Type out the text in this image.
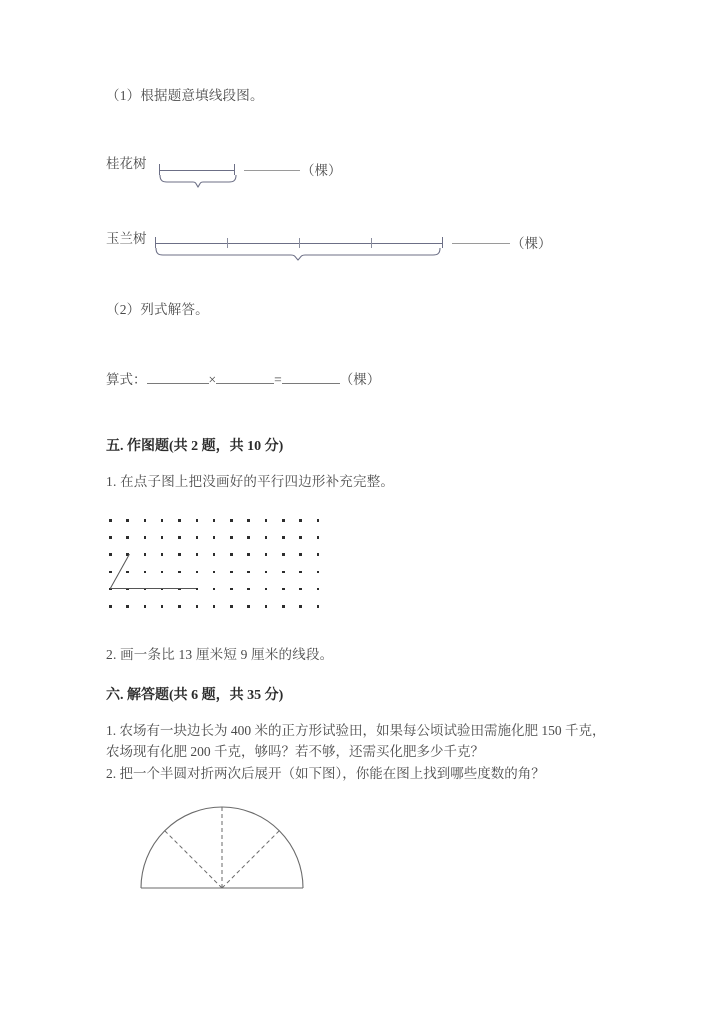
（1）根据题意填线段图。
桂花树	（棵）
玉兰树	（棵）
（2）列式解答。
算式：	×	=	（棵）
五. 作图题(共 2 题，共 10 分)
1. 在点子图上把没画好的平行四边形补充完整。
2. 画一条比 13 厘米短 9 厘米的线段。
六. 解答题(共 6 题，共 35 分)
1. 农场有一块边长为 400 米的正方形试验田，如果每公顷试验田需施化肥 150 千克，农场现有化肥 200 千克，够吗？若不够，还需买化肥多少千克？
2. 把一个半圆对折两次后展开（如下图），你能在图上找到哪些度数的角？
